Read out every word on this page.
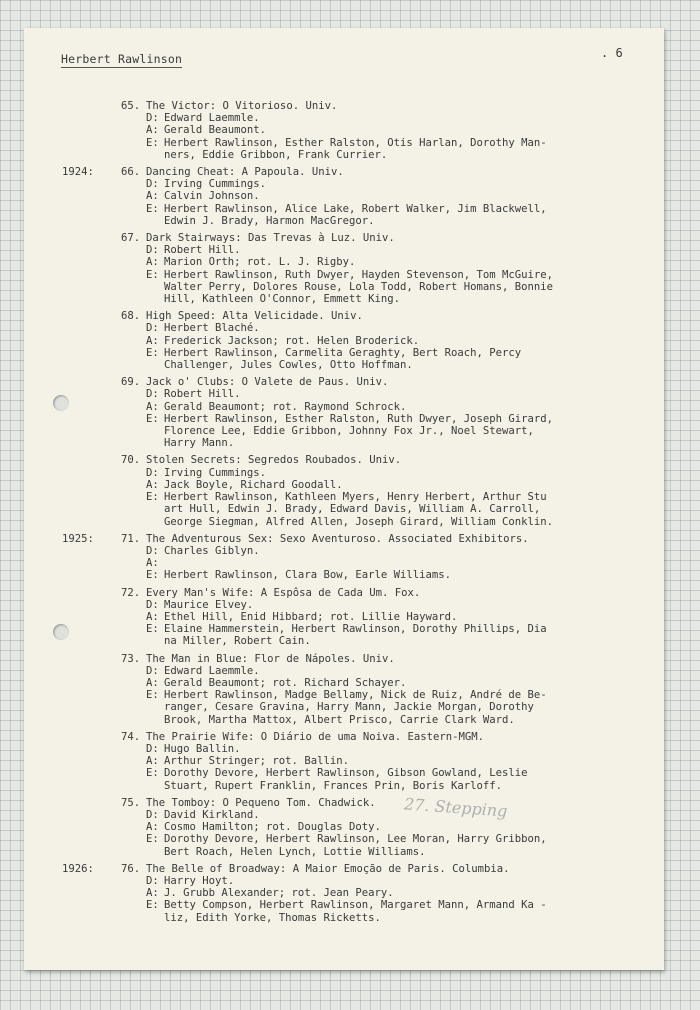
Herbert Rawlinson	. 6
65. The Victor: O Vitorioso. Univ.
D: Edward Laemmle.
A: Gerald Beaumont.
E: Herbert Rawlinson, Esther Ralston, Otis Harlan, Dorothy Man-
ners, Eddie Gribbon, Frank Currier.
1924:	66. Dancing Cheat: A Papoula. Univ.
D: Irving Cummings.
A: Calvin Johnson.
E: Herbert Rawlinson, Alice Lake, Robert Walker, Jim Blackwell,
Edwin J. Brady, Harmon MacGregor.
67. Dark Stairways: Das Trevas à Luz. Univ.
D: Robert Hill.
A: Marion Orth; rot. L. J. Rigby.
E: Herbert Rawlinson, Ruth Dwyer, Hayden Stevenson, Tom McGuire,
Walter Perry, Dolores Rouse, Lola Todd, Robert Homans, Bonnie
Hill, Kathleen O'Connor, Emmett King.
68. High Speed: Alta Velicidade. Univ.
D: Herbert Blaché.
A: Frederick Jackson; rot. Helen Broderick.
E: Herbert Rawlinson, Carmelita Geraghty, Bert Roach, Percy
Challenger, Jules Cowles, Otto Hoffman.
69. Jack o' Clubs: O Valete de Paus. Univ.
D: Robert Hill.
A: Gerald Beaumont; rot. Raymond Schrock.
E: Herbert Rawlinson, Esther Ralston, Ruth Dwyer, Joseph Girard,
Florence Lee, Eddie Gribbon, Johnny Fox Jr., Noel Stewart,
Harry Mann.
70. Stolen Secrets: Segredos Roubados. Univ.
D: Irving Cummings.
A: Jack Boyle, Richard Goodall.
E: Herbert Rawlinson, Kathleen Myers, Henry Herbert, Arthur Stu
art Hull, Edwin J. Brady, Edward Davis, William A. Carroll,
George Siegman, Alfred Allen, Joseph Girard, William Conklin.
1925:	71. The Adventurous Sex: Sexo Aventuroso. Associated Exhibitors.
D: Charles Giblyn.
A:

E: Herbert Rawlinson, Clara Bow, Earle Williams.
72. Every Man's Wife: A Espôsa de Cada Um. Fox.
D: Maurice Elvey.
A: Ethel Hill, Enid Hibbard; rot. Lillie Hayward.
E: Elaine Hammerstein, Herbert Rawlinson, Dorothy Phillips, Dia
na Miller, Robert Cain.
73. The Man in Blue: Flor de Nápoles. Univ.
D: Edward Laemmle.
A: Gerald Beaumont; rot. Richard Schayer.
E: Herbert Rawlinson, Madge Bellamy, Nick de Ruiz, André de Be-
ranger, Cesare Gravina, Harry Mann, Jackie Morgan, Dorothy
Brook, Martha Mattox, Albert Prisco, Carrie Clark Ward.
74. The Prairie Wife: O Diário de uma Noiva. Eastern-MGM.
D: Hugo Ballin.
A: Arthur Stringer; rot. Ballin.
E: Dorothy Devore, Herbert Rawlinson, Gibson Gowland, Leslie
Stuart, Rupert Franklin, Frances Prin, Boris Karloff.
75. The Tomboy: O Pequeno Tom. Chadwick.
D: David Kirkland.
A: Cosmo Hamilton; rot. Douglas Doty.
E: Dorothy Devore, Herbert Rawlinson, Lee Moran, Harry Gribbon,
Bert Roach, Helen Lynch, Lottie Williams.
1926:	76. The Belle of Broadway: A Maior Emoção de Paris. Columbia.
D: Harry Hoyt.
A: J. Grubb Alexander; rot. Jean Peary.
E: Betty Compson, Herbert Rawlinson, Margaret Mann, Armand Ka -
liz, Edith Yorke, Thomas Ricketts.
27. Stepping
